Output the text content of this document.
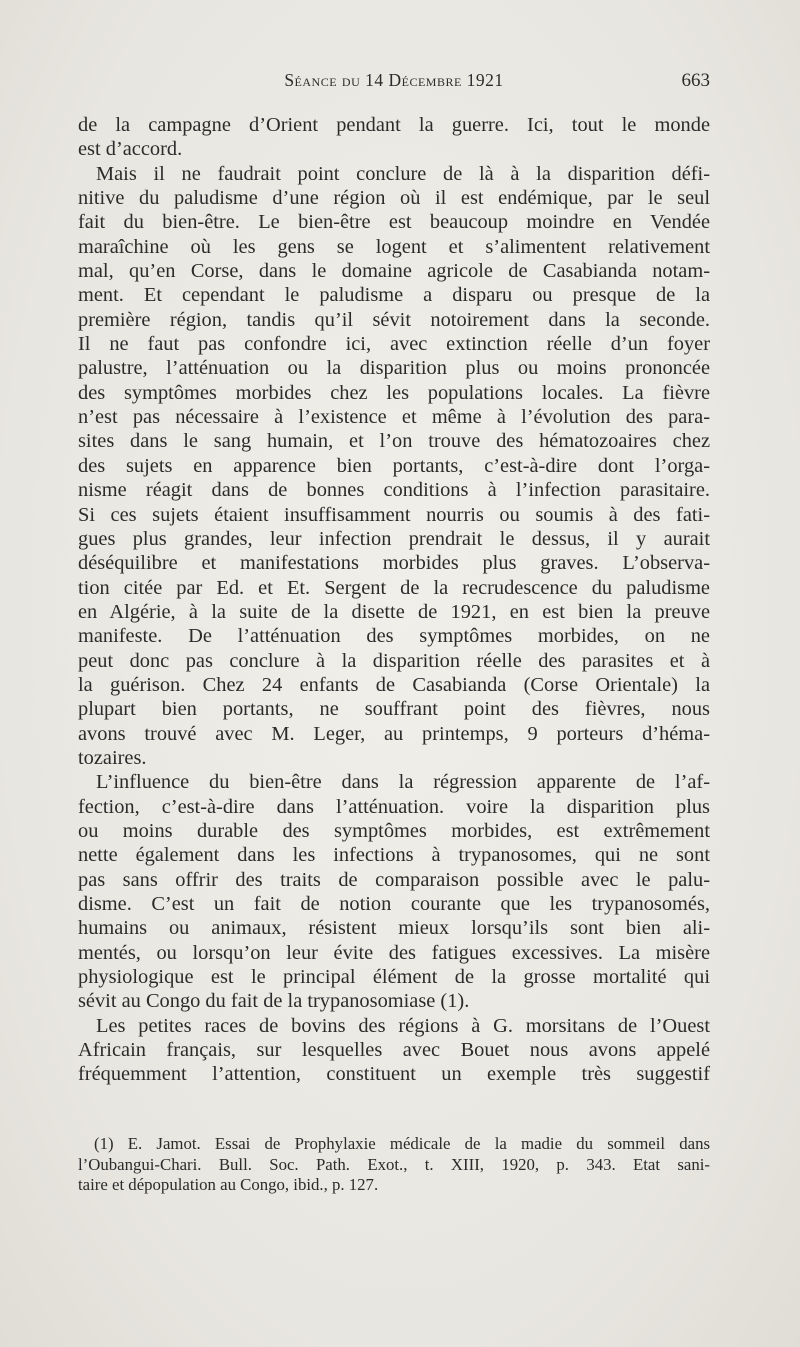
Séance du 14 Décembre 1921	663
de la campagne d’Orient pendant la guerre. Ici, tout le monde
est d’accord.
Mais il ne faudrait point conclure de là à la disparition défi-
nitive du paludisme d’une région où il est endémique, par le seul
fait du bien-être. Le bien-être est beaucoup moindre en Vendée
maraîchine où les gens se logent et s’alimentent relativement
mal, qu’en Corse, dans le domaine agricole de Casabianda notam-
ment. Et cependant le paludisme a disparu ou presque de la
première région, tandis qu’il sévit notoirement dans la seconde.
Il ne faut pas confondre ici, avec extinction réelle d’un foyer
palustre, l’atténuation ou la disparition plus ou moins prononcée
des symptômes morbides chez les populations locales. La fièvre
n’est pas nécessaire à l’existence et même à l’évolution des para-
sites dans le sang humain, et l’on trouve des hématozoaires chez
des sujets en apparence bien portants, c’est-à-dire dont l’orga-
nisme réagit dans de bonnes conditions à l’infection parasitaire.
Si ces sujets étaient insuffisamment nourris ou soumis à des fati-
gues plus grandes, leur infection prendrait le dessus, il y aurait
déséquilibre et manifestations morbides plus graves. L’observa-
tion citée par Ed. et Et. Sergent de la recrudescence du paludisme
en Algérie, à la suite de la disette de 1921, en est bien la preuve
manifeste. De l’atténuation des symptômes morbides, on ne
peut donc pas conclure à la disparition réelle des parasites et à
la guérison. Chez 24 enfants de Casabianda (Corse Orientale) la
plupart bien portants, ne souffrant point des fièvres, nous
avons trouvé avec M. Leger, au printemps, 9 porteurs d’héma-
tozaires.
L’influence du bien-être dans la régression apparente de l’af-
fection, c’est-à-dire dans l’atténuation. voire la disparition plus
ou moins durable des symptômes morbides, est extrêmement
nette également dans les infections à trypanosomes, qui ne sont
pas sans offrir des traits de comparaison possible avec le palu-
disme. C’est un fait de notion courante que les trypanosomés,
humains ou animaux, résistent mieux lorsqu’ils sont bien ali-
mentés, ou lorsqu’on leur évite des fatigues excessives. La misère
physiologique est le principal élément de la grosse mortalité qui
sévit au Congo du fait de la trypanosomiase (1).
Les petites races de bovins des régions à G. morsitans de l’Ouest
Africain français, sur lesquelles avec Bouet nous avons appelé
fréquemment l’attention, constituent un exemple très suggestif
(1) E. Jamot. Essai de Prophylaxie médicale de la madie du sommeil dans
l’Oubangui-Chari. Bull. Soc. Path. Exot., t. XIII, 1920, p. 343. Etat sani-
taire et dépopulation au Congo, ibid., p. 127.
